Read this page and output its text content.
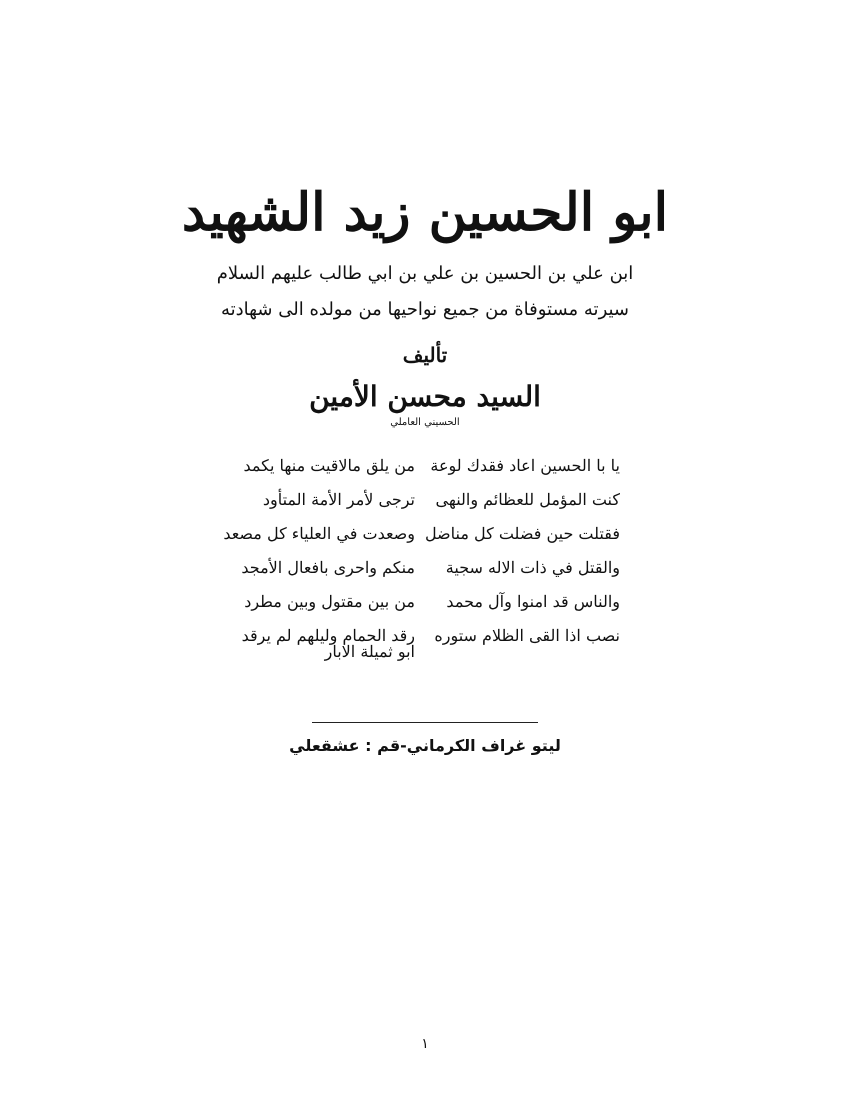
ابو الحسين زيد الشهيد
ابن علي بن الحسين بن علي بن ابي طالب عليهم السلام
سيرته مستوفاة من جميع نواحيها من مولده الى شهادته
تأليف
السيد محسن الأمين
الحسيني العاملي
من يلق مالاقيت منها يكمد يا با الحسين اعاد فقدك لوعة
ترجى لأمر الأمة المتأود كنت المؤمل للعظائم والنهى
وصعدت في العلياء كل مصعد فقتلت حين فضلت كل مناضل
منكم واحرى بافعال الأمجد والقتل في ذات الاله سجية
من بين مقتول وبين مطرد والناس قد امنوا وآل محمد
رقد الحمام وليلهم لم يرقد نصب اذا القى الظلام ستوره
ابو ثميلة الابار
ليتو غراف الكرماني-قم : عشقعلي
١
